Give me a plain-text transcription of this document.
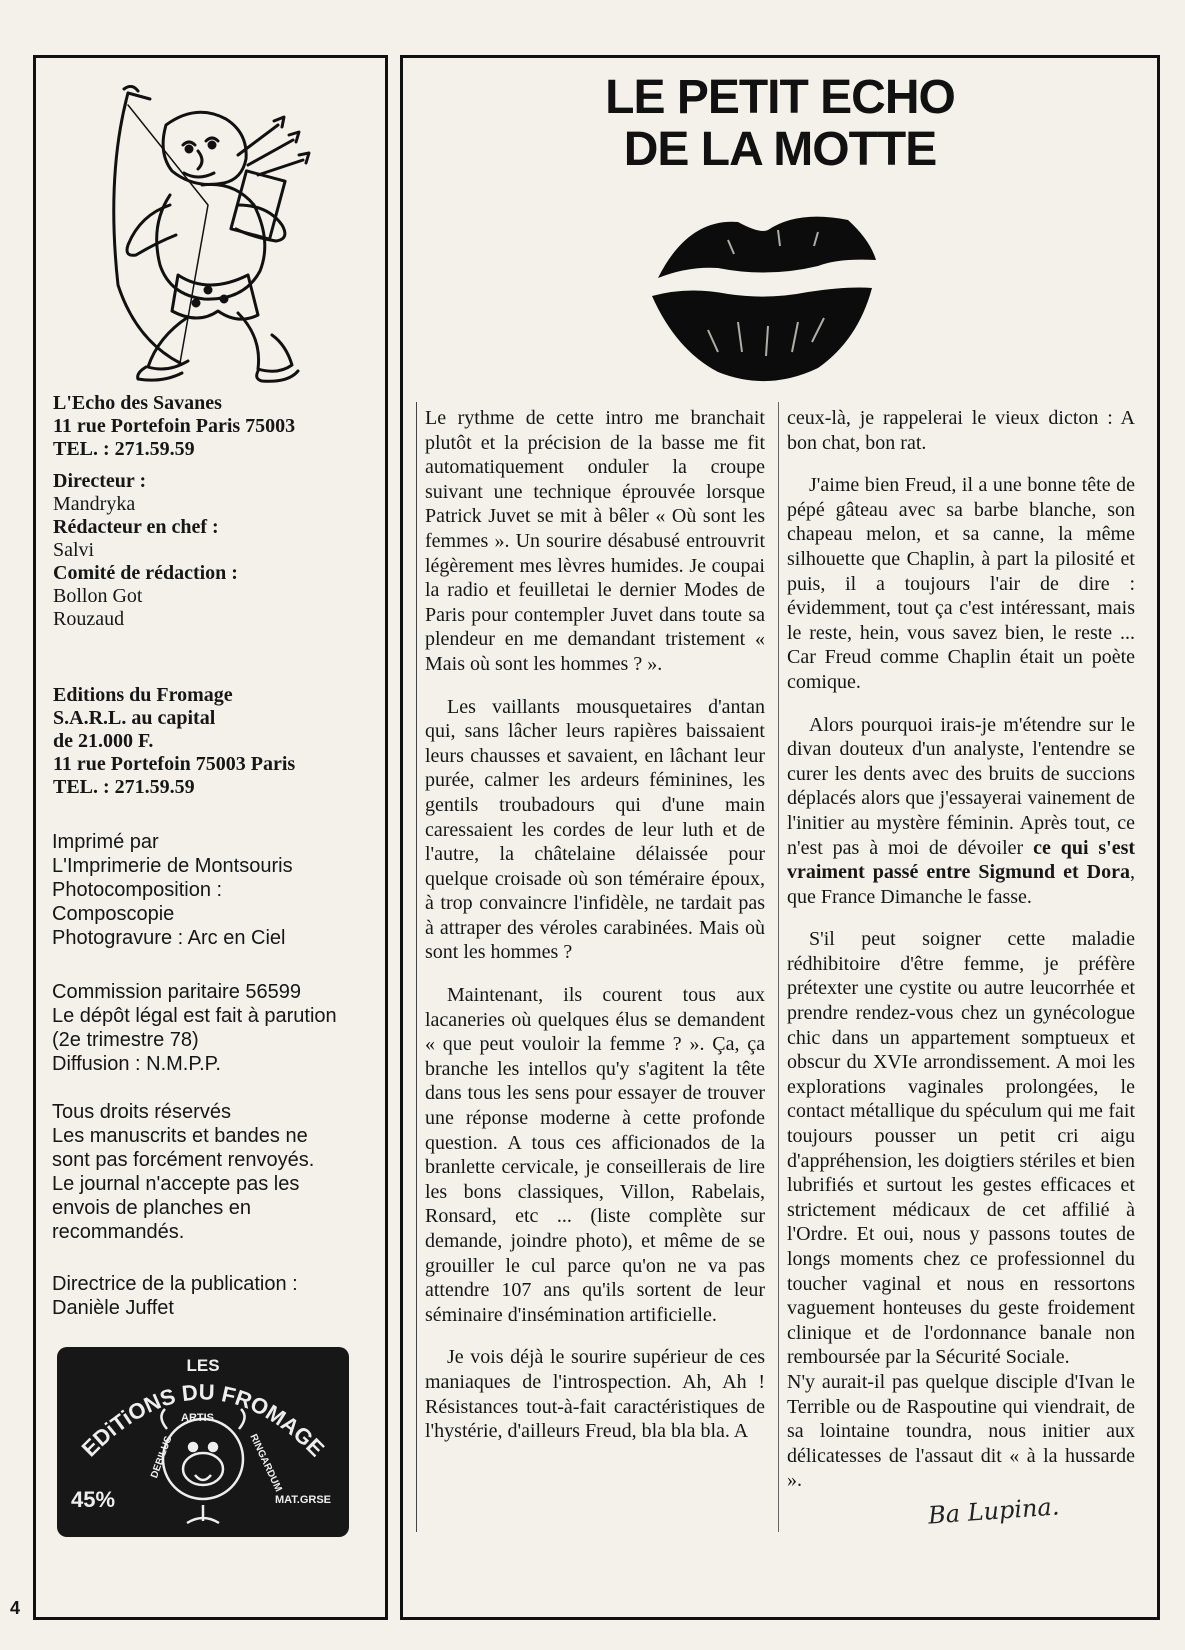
L'Echo des Savanes
11 rue Portefoin Paris 75003
TEL. : 271.59.59
Directeur :
Mandryka
Rédacteur en chef :
Salvi
Comité de rédaction :
Bollon Got
Rouzaud
Editions du Fromage
S.A.R.L. au capital
de 21.000 F.
11 rue Portefoin 75003 Paris
TEL. : 271.59.59
Imprimé par
L'Imprimerie de Montsouris
Photocomposition :
Composcopie
Photogravure : Arc en Ciel
Commission paritaire 56599
Le dépôt légal est fait à parution
(2e trimestre 78)
Diffusion : N.M.P.P.
Tous droits réservés
Les manuscrits et bandes ne
sont pas forcément renvoyés.
Le journal n'accepte pas les
envois de planches en
recommandés.
Directrice de la publication :
Danièle Juffet
LES
EDiTiONS DU FROMAGE
ARTIS
DEBILUS	RINGARDUM
45%	MAT.GRSE
4
LE PETIT ECHO
DE LA MOTTE

Le rythme de cette intro me branchait plutôt et la précision de la basse me fit automatiquement onduler la croupe suivant une technique éprouvée lorsque Patrick Juvet se mit à bêler « Où sont les femmes ». Un sourire désabusé entrouvrit légèrement mes lèvres humides. Je coupai la radio et feuilletai le dernier Modes de Paris pour contempler Juvet dans toute sa plendeur en me demandant tristement « Mais où sont les hommes ? ».

Les vaillants mousquetaires d'antan qui, sans lâcher leurs rapières baissaient leurs chausses et savaient, en lâchant leur purée, calmer les ardeurs féminines, les gentils troubadours qui d'une main caressaient les cordes de leur luth et de l'autre, la châtelaine délaissée pour quelque croisade où son téméraire époux, à trop convaincre l'infidèle, ne tardait pas à attraper des véroles carabinées. Mais où sont les hommes ?

Maintenant, ils courent tous aux lacaneries où quelques élus se demandent « que peut vouloir la femme ? ». Ça, ça branche les intellos qu'y s'agitent la tête dans tous les sens pour essayer de trouver une réponse moderne à cette profonde question. A tous ces afficionados de la branlette cervicale, je conseillerais de lire les bons classiques, Villon, Rabelais, Ronsard, etc ... (liste complète sur demande, joindre photo), et même de se grouiller le cul parce qu'on ne va pas attendre 107 ans qu'ils sortent de leur séminaire d'insémination artificielle.

Je vois déjà le sourire supérieur de ces maniaques de l'introspection. Ah, Ah ! Résistances tout-à-fait caractéristiques de l'hystérie, d'ailleurs Freud, bla bla bla. A

ceux-là, je rappelerai le vieux dicton : A bon chat, bon rat.

J'aime bien Freud, il a une bonne tête de pépé gâteau avec sa barbe blanche, son chapeau melon, et sa canne, la même silhouette que Chaplin, à part la pilosité et puis, il a toujours l'air de dire : évidemment, tout ça c'est intéressant, mais le reste, hein, vous savez bien, le reste ... Car Freud comme Chaplin était un poète comique.

Alors pourquoi irais-je m'étendre sur le divan douteux d'un analyste, l'entendre se curer les dents avec des bruits de succions déplacés alors que j'essayerai vainement de l'initier au mystère féminin. Après tout, ce n'est pas à moi de dévoiler ce qui s'est vraiment passé entre Sigmund et Dora, que France Dimanche le fasse.

S'il peut soigner cette maladie rédhibitoire d'être femme, je préfère prétexter une cystite ou autre leucorrhée et prendre rendez-vous chez un gynécologue chic dans un appartement somptueux et obscur du XVIe arrondissement. A moi les explorations vaginales prolongées, le contact métallique du spéculum qui me fait toujours pousser un petit cri aigu d'appréhension, les doigtiers stériles et bien lubrifiés et surtout les gestes efficaces et strictement médicaux de cet affilié à l'Ordre. Et oui, nous y passons toutes de longs moments chez ce professionnel du toucher vaginal et nous en ressortons vaguement honteuses du geste froidement clinique et de l'ordonnance banale non remboursée par la Sécurité Sociale.

N'y aurait-il pas quelque disciple d'Ivan le Terrible ou de Raspoutine qui viendrait, de sa lointaine toundra, nous initier aux délicatesses de l'assaut dit « à la hussarde ».

Ba Lupina.
